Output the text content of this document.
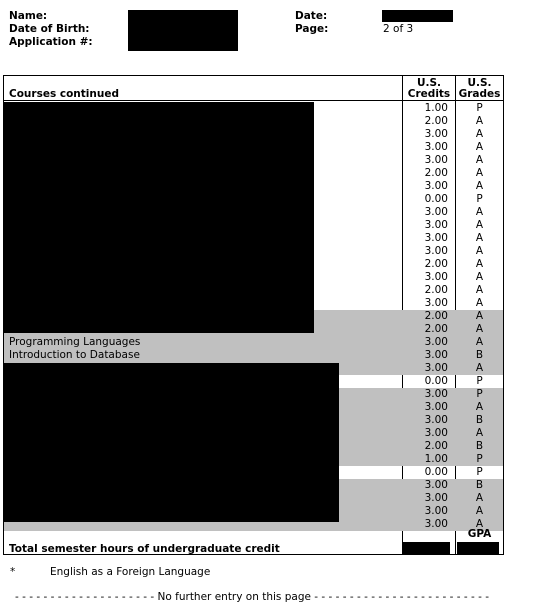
Name:
Date of Birth:
Application #:
Date:
Page:	2 of 3
Courses continued
U.S.
Credits
U.S.
Grades
1.00	P
2.00	A
3.00	A
3.00	A
3.00	A
2.00	A
3.00	A
0.00	P
3.00	A
3.00	A
3.00	A
3.00	A
2.00	A
3.00	A
2.00	A
3.00	A
2.00	A
2.00	A
Programming Languages	3.00	A
Introduction to Database	3.00	B
3.00	A
0.00	P
3.00	P
3.00	A
3.00	B
3.00	A
2.00	B
1.00	P
0.00	P
3.00	B
3.00	A
3.00	A
3.00	A
GPA
Total semester hours of undergraduate credit
*	English as a Foreign Language
- - - - - - - - - - - - - - - - - - - - No further entry on this page - - - - - - - - - - - - - - - - - - - - - - - - -
